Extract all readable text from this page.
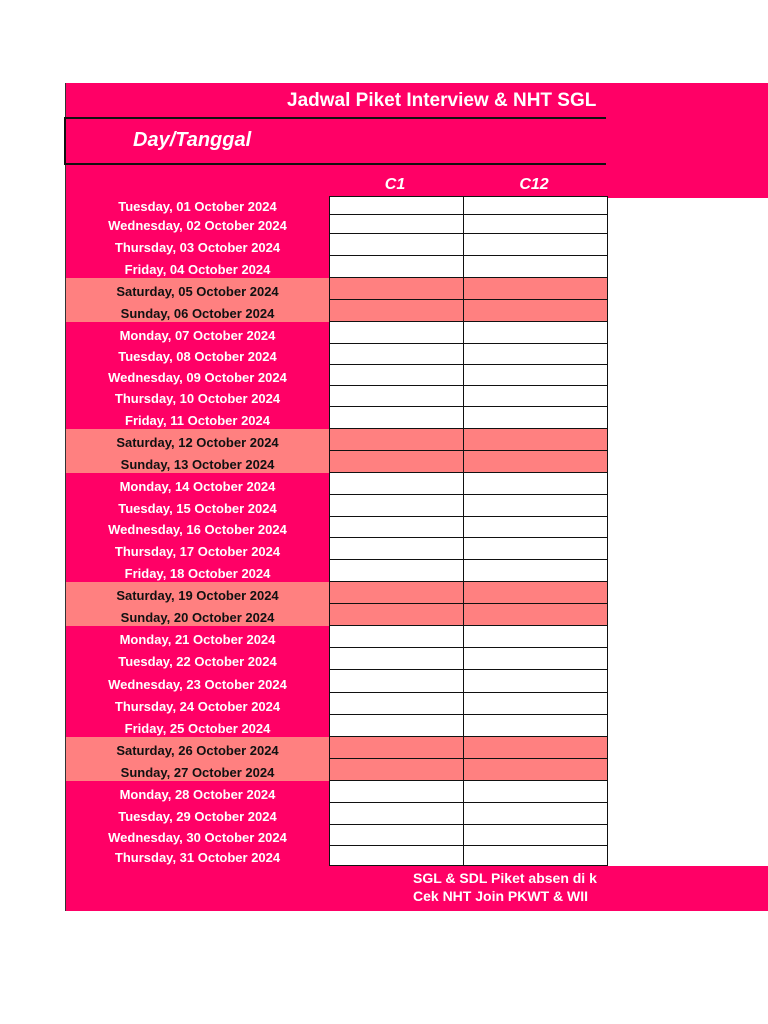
Jadwal Piket Interview & NHT SGL
Day/Tanggal
C1	C12
Tuesday, 01 October 2024
Wednesday, 02 October 2024
Thursday, 03 October 2024
Friday, 04 October 2024
Saturday, 05 October 2024
Sunday, 06 October 2024
Monday, 07 October 2024
Tuesday, 08 October 2024
Wednesday, 09 October 2024
Thursday, 10 October 2024
Friday, 11 October 2024
Saturday, 12 October 2024
Sunday, 13 October 2024
Monday, 14 October 2024
Tuesday, 15 October 2024
Wednesday, 16 October 2024
Thursday, 17 October 2024
Friday, 18 October 2024
Saturday, 19 October 2024
Sunday, 20 October 2024
Monday, 21 October 2024
Tuesday, 22 October 2024
Wednesday, 23 October 2024
Thursday, 24 October 2024
Friday, 25 October 2024
Saturday, 26 October 2024
Sunday, 27 October 2024
Monday, 28 October 2024
Tuesday, 29 October 2024
Wednesday, 30 October 2024
Thursday, 31 October 2024
SGL & SDL Piket absen di k
Cek NHT Join PKWT & WII
